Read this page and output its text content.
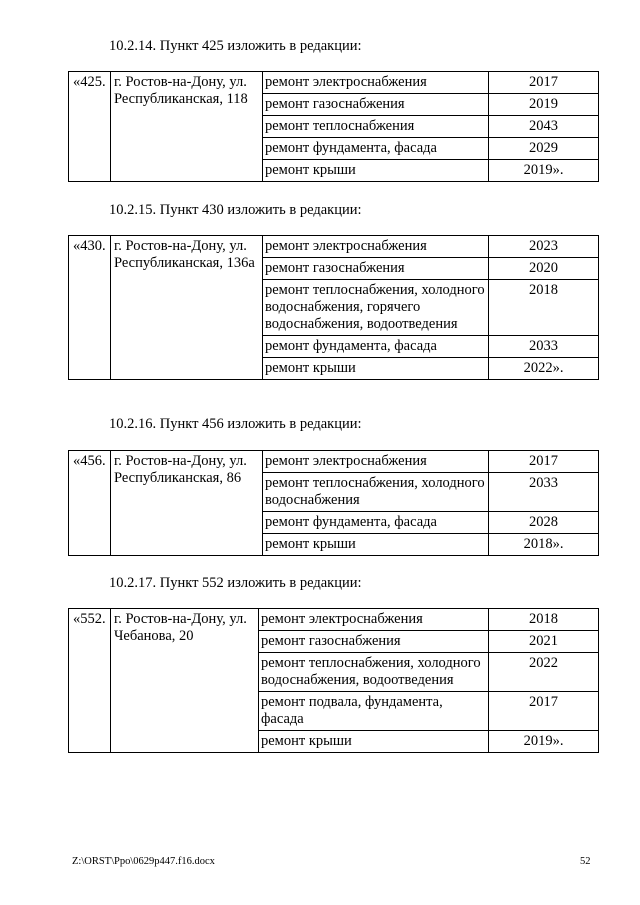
10.2.14. Пункт 425 изложить в редакции:
«425.	г. Ростов-на-Дону, ул. Республиканская, 118	ремонт электроснабжения	2017
		ремонт газоснабжения	2019
		ремонт теплоснабжения	2043
		ремонт фундамента, фасада	2029
		ремонт крыши	2019».
10.2.15. Пункт 430 изложить в редакции:
«430.	г. Ростов-на-Дону, ул. Республиканская, 136а	ремонт электроснабжения	2023
		ремонт газоснабжения	2020
		ремонт теплоснабжения, холодного водоснабжения, горячего водоснабжения, водоотведения	2018
		ремонт фундамента, фасада	2033
		ремонт крыши	2022».
10.2.16. Пункт 456 изложить в редакции:
«456.	г. Ростов-на-Дону, ул. Республиканская, 86	ремонт электроснабжения	2017
		ремонт теплоснабжения, холодного водоснабжения	2033
		ремонт фундамента, фасада	2028
		ремонт крыши	2018».
10.2.17. Пункт 552 изложить в редакции:
«552.	г. Ростов-на-Дону, ул. Чебанова, 20	ремонт электроснабжения	2018
		ремонт газоснабжения	2021
		ремонт теплоснабжения, холодного водоснабжения, водоотведения	2022
		ремонт подвала, фундамента, фасада	2017
		ремонт крыши	2019».
Z:\ORST\Ppo\0629p447.f16.docx	52
